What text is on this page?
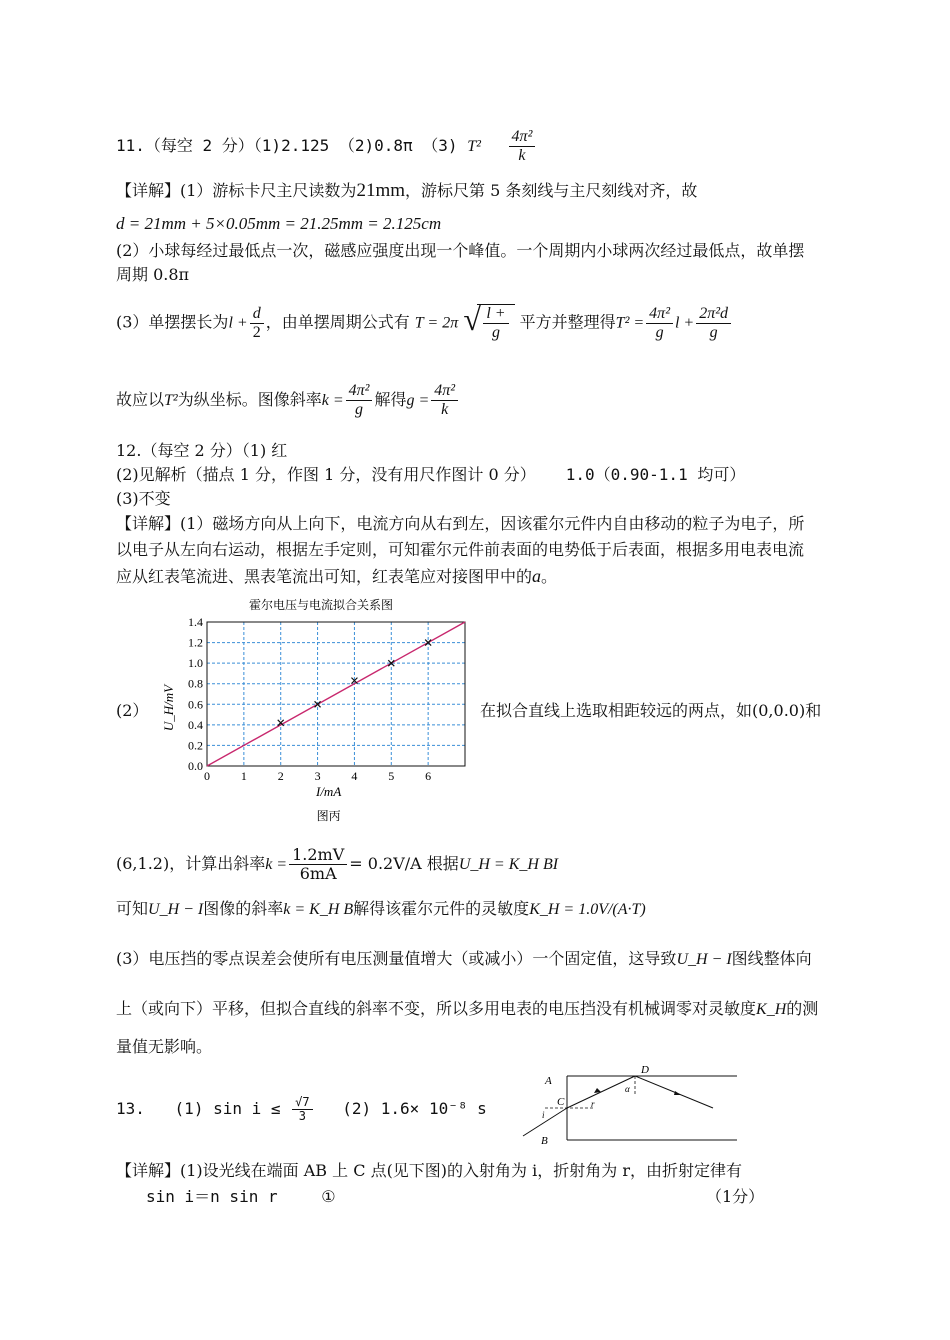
11.（每空 2 分）（1)2.125 （2)0.8π （3) $T^2 \frac{\text{4π²}}{k}$
【详解】(1）游标卡尺主尺读数为21mm，游标尺第 5 条刻线与主尺刻线对齐，故
d = 21mm + 5×0.05mm = 21.25mm = 2.125cm
(2）小球每经过最低点一次，磁感应强度出现一个峰值。一个周期内小球两次经过最低点，故单摆
周期 0.8π
(3）单摆摆长为$l + \frac{d}{2}$ ，由单摆周期公式有 T = 2π
√ $\frac{l +}{g}$ 平方并整理得$T^2 = \frac{\text{4π²}}{g}$ $l + \frac{\text{2π²d}}{g}$
故应以T²为纵坐标。图像斜率$k = \frac{\text{4π²}}{g}$ 解得$g = \frac{\text{4π²}}{k}$
12.（每空 2 分）（1) 红
(2)见解析（描点 1 分，作图 1 分，没有用尺作图计 0 分） 1.0（0.90-1.1 均可）
(3)不变
【详解】(1）磁场方向从上向下，电流方向从右到左，因该霍尔元件内自由移动的粒子为电子，所
以电子从左向右运动，根据左手定则，可知霍尔元件前表面的电势低于后表面，根据多用电表电流
应从红表笔流进、黑表笔流出可知，红表笔应对接图甲中的a。
(2）
霍尔电压与电流拟合关系图
0.0
0.2
0.4
0.6
0.8
1.0
1.2
1.4
0	1	2	3	4	5	6
U_H/mV
I/mA
图丙
在拟合直线上选取相距较远的两点，如(0,0.0)和
(6,1.2)，计算出斜率$k = \frac{1.2mV}{6mA} = 0.2V/A$ 根据U_H = K_H BI
可知U_H − I图像的斜率k = K_H B解得该霍尔元件的灵敏度K_H = 1.0V/(A·T)
(3）电压挡的零点误差会使所有电压测量值增大（或减小）一个固定值，这导致U_H − I图线整体向
上（或向下）平移，但拟合直线的斜率不变，所以多用电表的电压挡没有机械调零对灵敏度K_H的测
量值无影响。
13. (1) $\sin i \le \frac{√7}{3} (2)$ 1.6× 10⁻⁸ s
A
B
C
D
i
r
α
【详解】(1)设光线在端面 AB 上 C 点(见下图)的入射角为 i，折射角为 r，由折射定律有
sin i＝n sin r	①	（1分）
